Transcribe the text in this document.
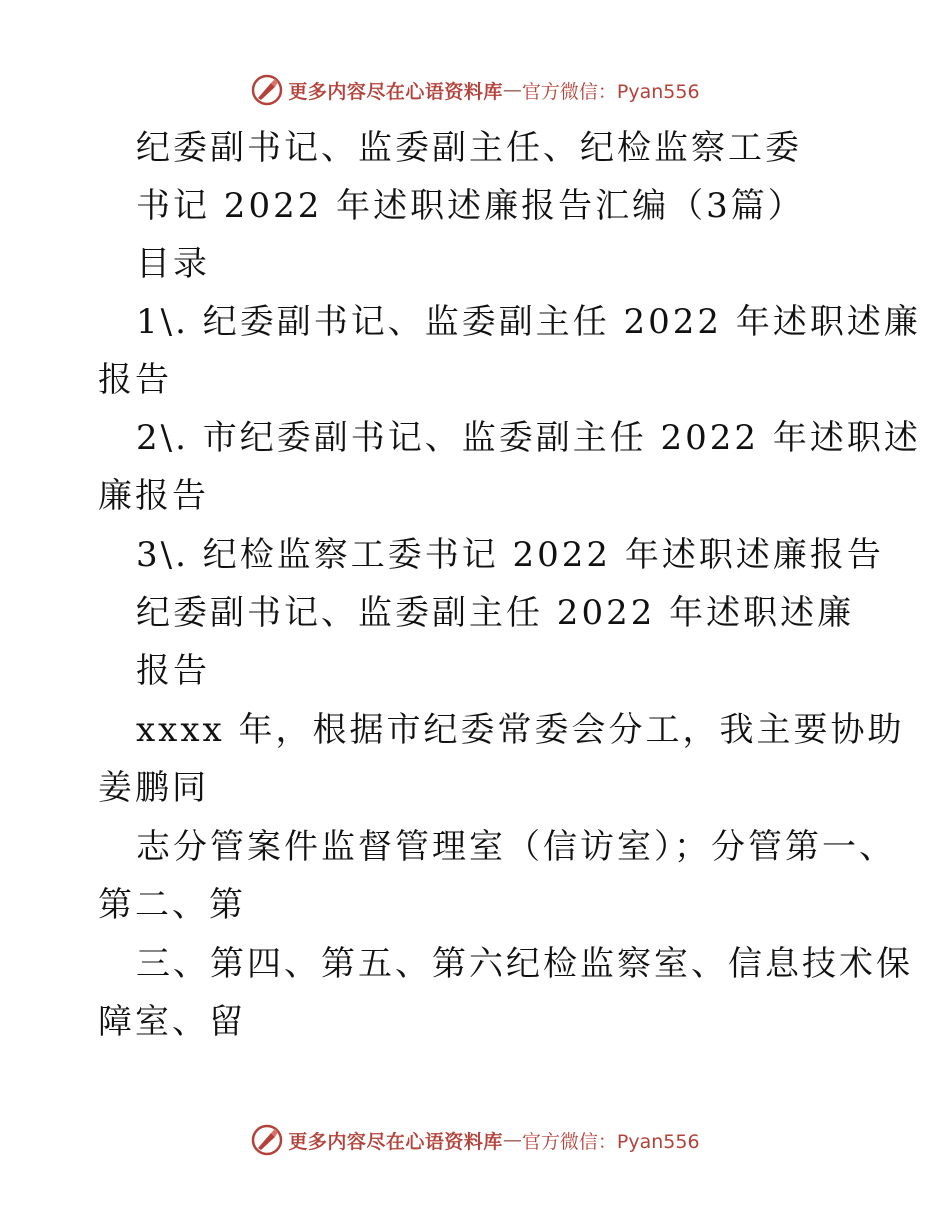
更多内容尽在心语资料库 — 官方微信：Pyan556
纪委副书记、监委副主任、纪检监察工委
书记 2022 年述职述廉报告汇编（3篇）
目录
1\. 纪委副书记、监委副主任 2022 年述职述廉
报告
2\. 市纪委副书记、监委副主任 2022 年述职述
廉报告
3\. 纪检监察工委书记 2022 年述职述廉报告
纪委副书记、监委副主任 2022 年述职述廉
报告
xxxx 年，根据市纪委常委会分工，我主要协助
姜鹏同
志分管案件监督管理室（信访室）；分管第一、
第二、第
三、第四、第五、第六纪检监察室、信息技术保
障室、留
更多内容尽在心语资料库 — 官方微信：Pyan556
